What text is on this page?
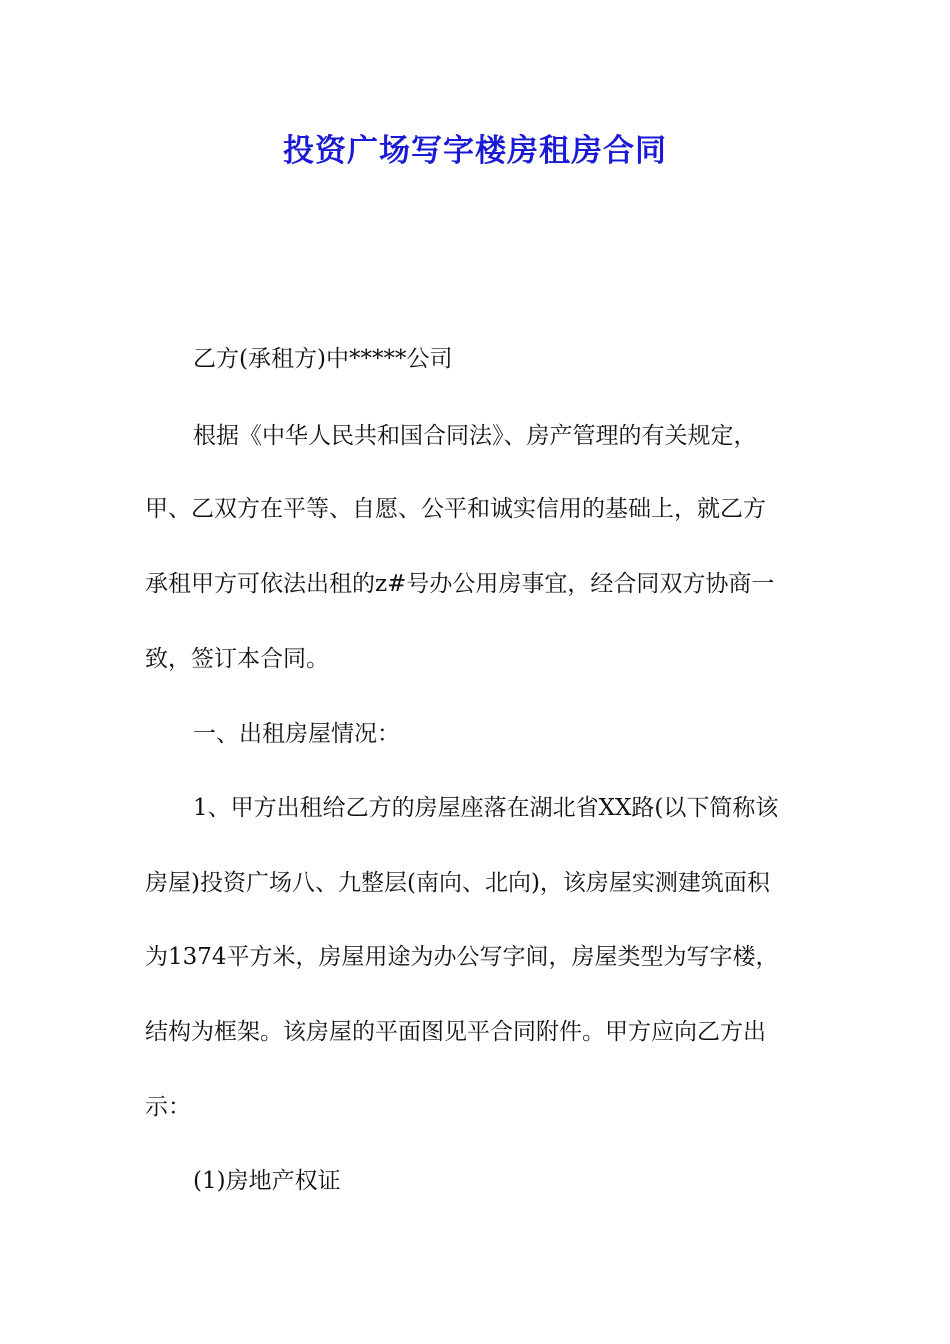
投资广场写字楼房租房合同
乙方(承租方)中*****公司
根据《中华人民共和国合同法》、房产管理的有关规定，
甲、乙双方在平等、自愿、公平和诚实信用的基础上，就乙方
承租甲方可依法出租的z#号办公用房事宜，经合同双方协商一
致，签订本合同。
一、出租房屋情况：
1、甲方出租给乙方的房屋座落在湖北省XX路(以下简称该
房屋)投资广场八、九整层(南向、北向)，该房屋实测建筑面积
为1374平方米，房屋用途为办公写字间，房屋类型为写字楼，
结构为框架。该房屋的平面图见平合同附件。甲方应向乙方出
示：
(1)房地产权证
